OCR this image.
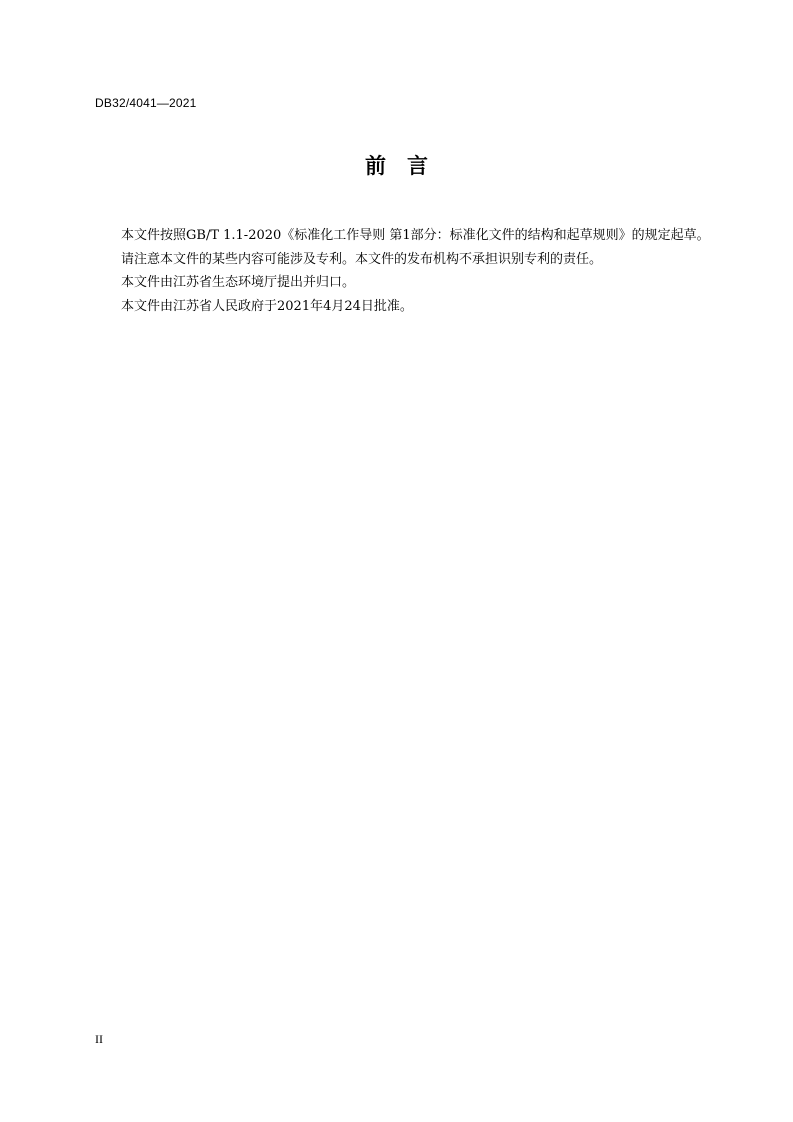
DB32/4041—2021
前 言

本文件按照GB/T 1.1-2020《标准化工作导则 第1部分：标准化文件的结构和起草规则》的规定起草。

请注意本文件的某些内容可能涉及专利。本文件的发布机构不承担识别专利的责任。

本文件由江苏省生态环境厅提出并归口。

本文件由江苏省人民政府于2021年4月24日批准。

II
